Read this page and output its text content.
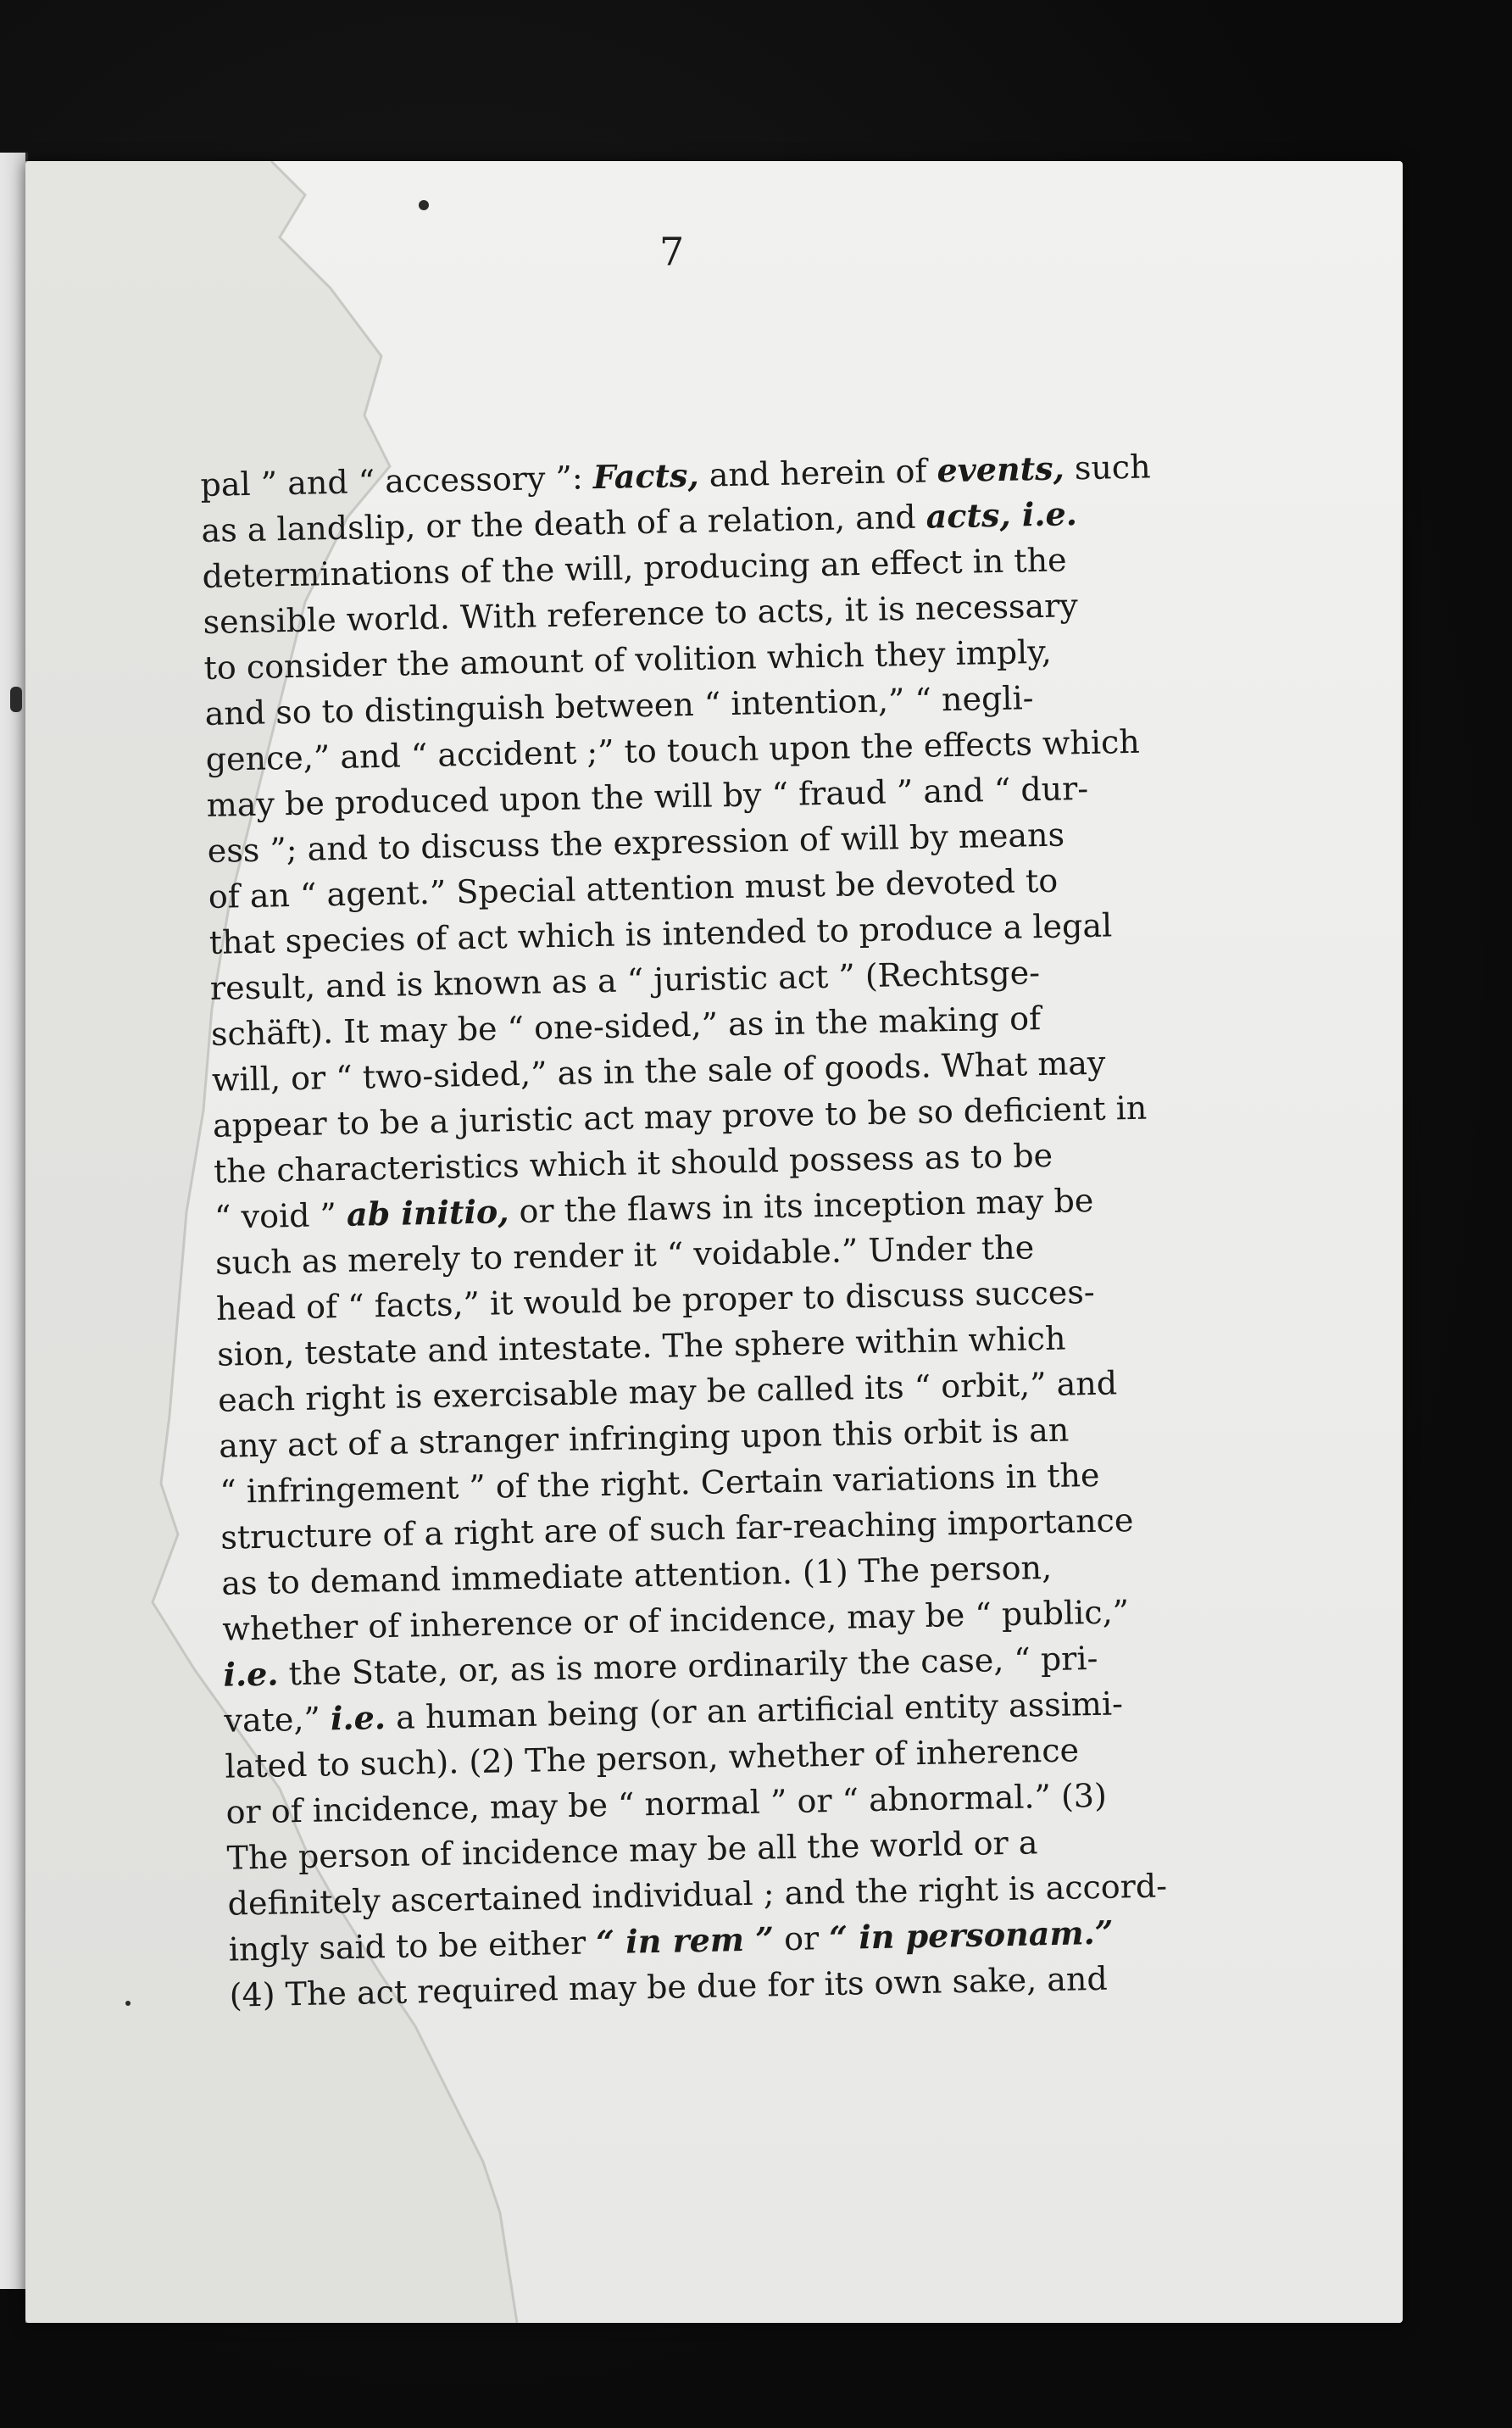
7
pal ” and “ accessory ”: Facts, and herein of events, such
as a landslip, or the death of a relation, and acts, i.e.
determinations of the will, producing an effect in the
sensible world. With reference to acts, it is necessary
to consider the amount of volition which they imply,
and so to distinguish between “ intention,” “ negli-
gence,” and “ accident ;” to touch upon the effects which
may be produced upon the will by “ fraud ” and “ dur-
ess ”; and to discuss the expression of will by means
of an “ agent.” Special attention must be devoted to
that species of act which is intended to produce a legal
result, and is known as a “ juristic act ” (Rechtsge-
schäft). It may be “ one-sided,” as in the making of
will, or “ two-sided,” as in the sale of goods. What may
appear to be a juristic act may prove to be so deficient in
the characteristics which it should possess as to be
“ void ” ab initio, or the flaws in its inception may be
such as merely to render it “ voidable.” Under the
head of “ facts,” it would be proper to discuss succes-
sion, testate and intestate. The sphere within which
each right is exercisable may be called its “ orbit,” and
any act of a stranger infringing upon this orbit is an
“ infringement ” of the right. Certain variations in the
structure of a right are of such far-reaching importance
as to demand immediate attention. (1) The person,
whether of inherence or of incidence, may be “ public,”
i.e. the State, or, as is more ordinarily the case, “ pri-
vate,” i.e. a human being (or an artificial entity assimi-
lated to such). (2) The person, whether of inherence
or of incidence, may be “ normal ” or “ abnormal.” (3)
The person of incidence may be all the world or a
definitely ascertained individual ; and the right is accord-
ingly said to be either “ in rem ” or “ in personam.”
(4) The act required may be due for its own sake, and
